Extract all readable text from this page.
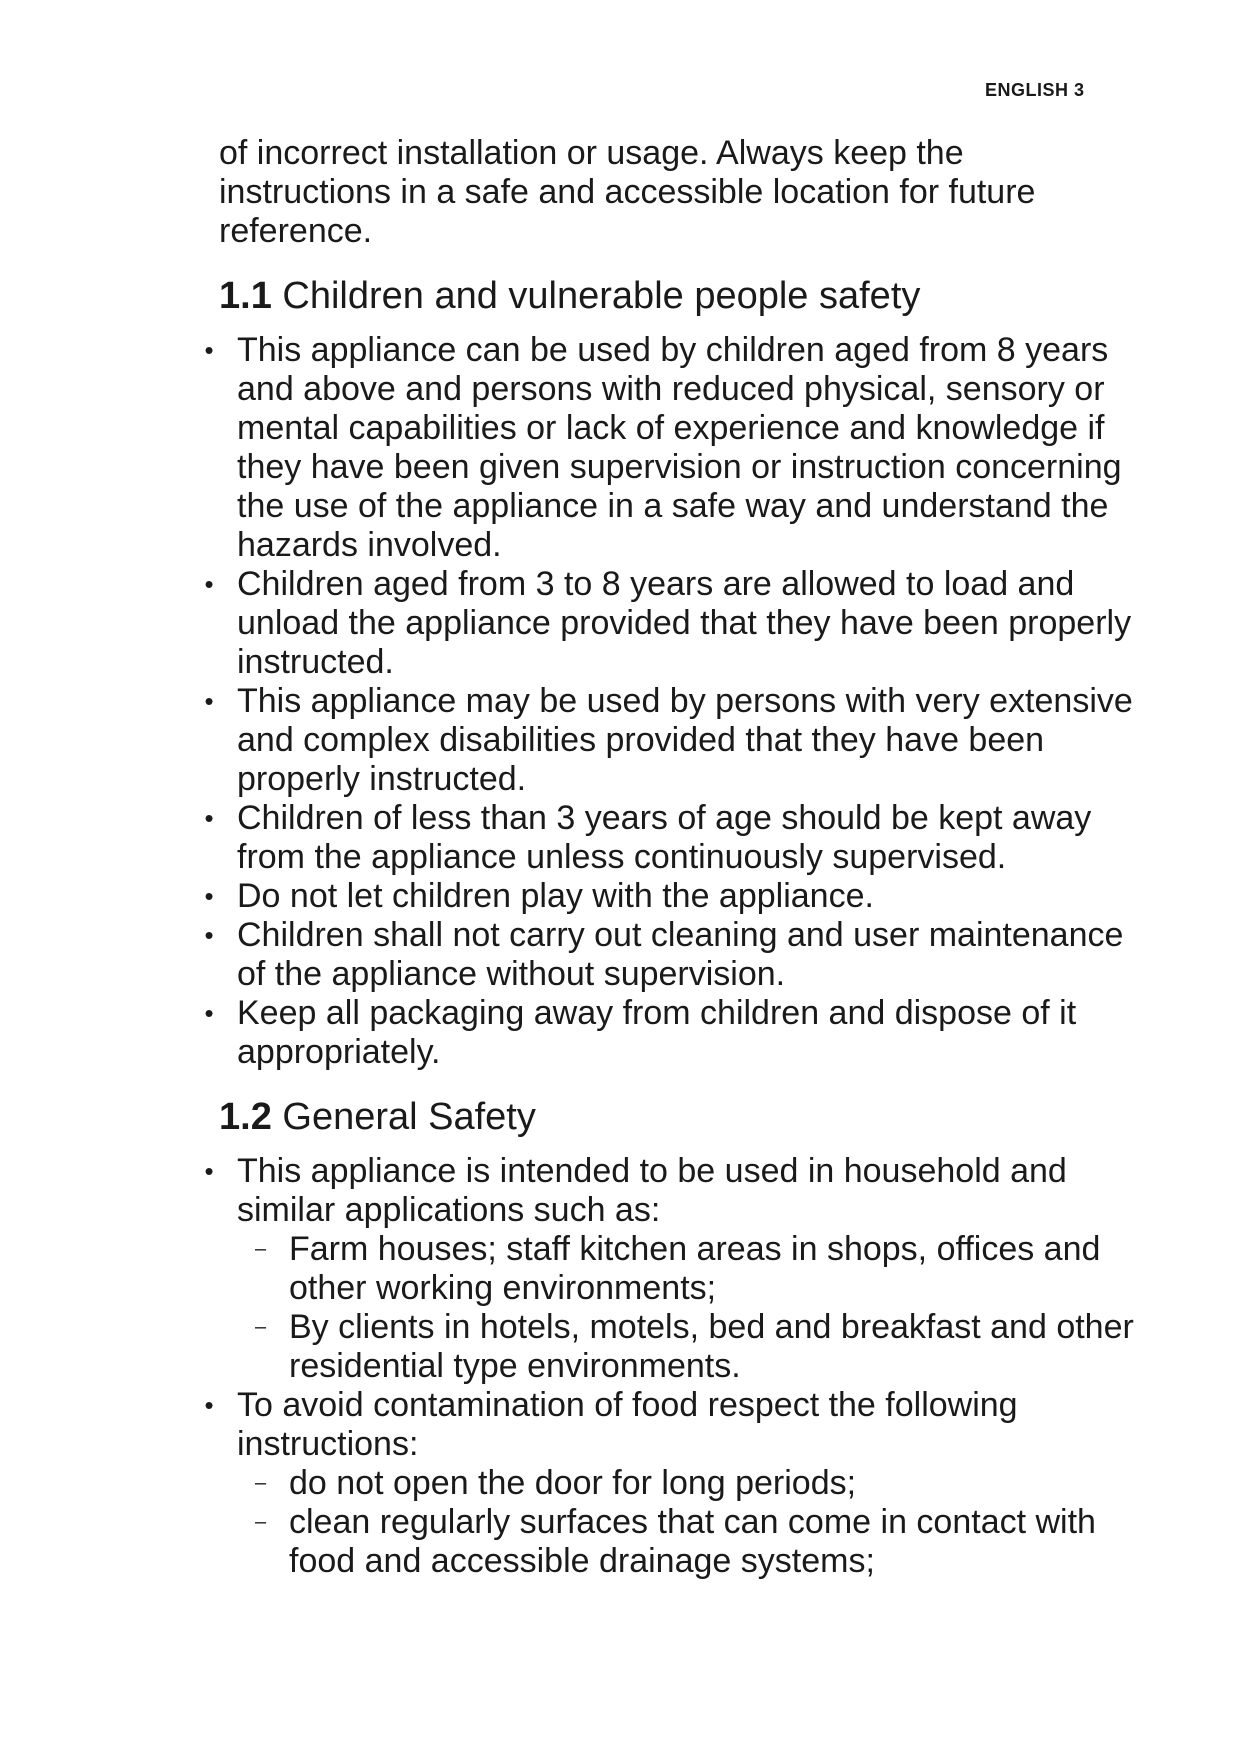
ENGLISH 3

of incorrect installation or usage. Always keep the instructions in a safe and accessible location for future reference.

1.1 Children and vulnerable people safety
• This appliance can be used by children aged from 8 years and above and persons with reduced physical, sensory or mental capabilities or lack of experience and knowledge if they have been given supervision or instruction concerning the use of the appliance in a safe way and understand the hazards involved.
• Children aged from 3 to 8 years are allowed to load and unload the appliance provided that they have been properly instructed.
• This appliance may be used by persons with very extensive and complex disabilities provided that they have been properly instructed.
• Children of less than 3 years of age should be kept away from the appliance unless continuously supervised.
• Do not let children play with the appliance.
• Children shall not carry out cleaning and user maintenance of the appliance without supervision.
• Keep all packaging away from children and dispose of it appropriately.
1.2 General Safety
• This appliance is intended to be used in household and similar applications such as:
– Farm houses; staff kitchen areas in shops, offices and other working environments;
– By clients in hotels, motels, bed and breakfast and other residential type environments.
• To avoid contamination of food respect the following instructions:
– do not open the door for long periods;
– clean regularly surfaces that can come in contact with food and accessible drainage systems;
